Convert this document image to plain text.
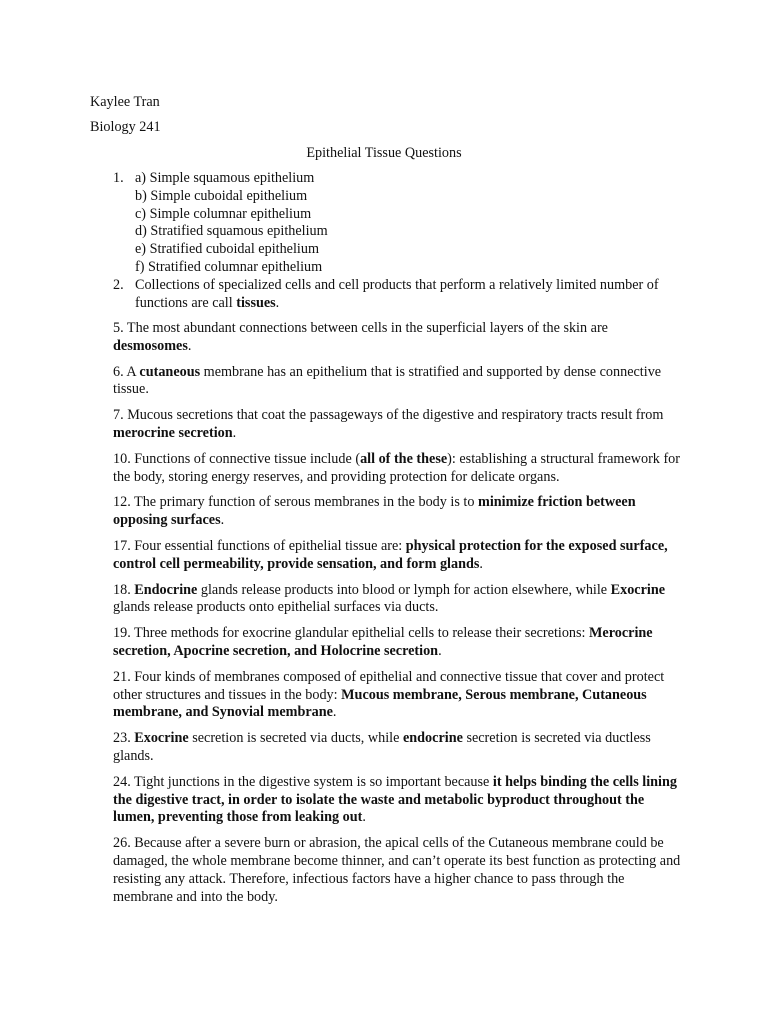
Kaylee Tran
Biology 241
Epithelial Tissue Questions
1. a) Simple squamous epithelium
b) Simple cuboidal epithelium
c) Simple columnar epithelium
d) Stratified squamous epithelium
e) Stratified cuboidal epithelium
f) Stratified columnar epithelium
2. Collections of specialized cells and cell products that perform a relatively limited number of functions are call tissues.

5. The most abundant connections between cells in the superficial layers of the skin are desmosomes.

6. A cutaneous membrane has an epithelium that is stratified and supported by dense connective tissue.

7. Mucous secretions that coat the passageways of the digestive and respiratory tracts result from merocrine secretion.

10. Functions of connective tissue include (all of the these): establishing a structural framework for the body, storing energy reserves, and providing protection for delicate organs.

12. The primary function of serous membranes in the body is to minimize friction between opposing surfaces.

17. Four essential functions of epithelial tissue are: physical protection for the exposed surface, control cell permeability, provide sensation, and form glands.

18. Endocrine glands release products into blood or lymph for action elsewhere, while Exocrine glands release products onto epithelial surfaces via ducts.

19. Three methods for exocrine glandular epithelial cells to release their secretions: Merocrine secretion, Apocrine secretion, and Holocrine secretion.

21. Four kinds of membranes composed of epithelial and connective tissue that cover and protect other structures and tissues in the body: Mucous membrane, Serous membrane, Cutaneous membrane, and Synovial membrane.

23. Exocrine secretion is secreted via ducts, while endocrine secretion is secreted via ductless glands.

24. Tight junctions in the digestive system is so important because it helps binding the cells lining the digestive tract, in order to isolate the waste and metabolic byproduct throughout the lumen, preventing those from leaking out.

26. Because after a severe burn or abrasion, the apical cells of the Cutaneous membrane could be damaged, the whole membrane become thinner, and can’t operate its best function as protecting and resisting any attack. Therefore, infectious factors have a higher chance to pass through the membrane and into the body.
